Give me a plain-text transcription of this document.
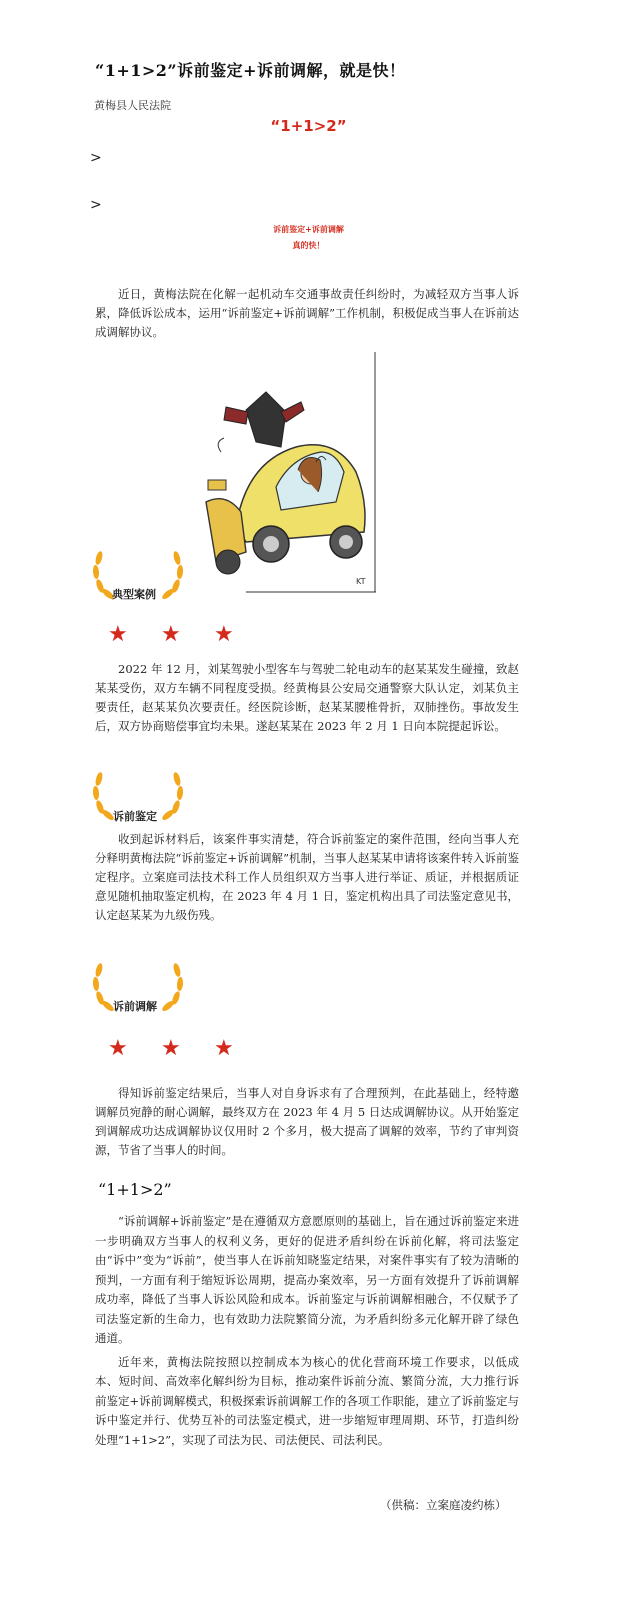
“1+1>2”诉前鉴定+诉前调解，就是快！
黄梅县人民法院
“1+1>2”
>
>
诉前鉴定+诉前调解
真的快！

近日，黄梅法院在化解一起机动车交通事故责任纠纷时，为减轻双方当事人诉累，降低诉讼成本，运用“诉前鉴定+诉前调解”工作机制，积极促成当事人在诉前达成调解协议。

KT
典型案例
★ ★ ★

2022 年 12 月，刘某驾驶小型客车与驾驶二轮电动车的赵某某发生碰撞，致赵某某受伤，双方车辆不同程度受损。经黄梅县公安局交通警察大队认定，刘某负主要责任，赵某某负次要责任。经医院诊断，赵某某腰椎骨折，双肺挫伤。事故发生后，双方协商赔偿事宜均未果。遂赵某某在 2023 年 2 月 1 日向本院提起诉讼。

诉前鉴定

收到起诉材料后，该案件事实清楚，符合诉前鉴定的案件范围，经向当事人充分释明黄梅法院“诉前鉴定+诉前调解”机制，当事人赵某某申请将该案件转入诉前鉴定程序。立案庭司法技术科工作人员组织双方当事人进行举证、质证，并根据质证意见随机抽取鉴定机构，在 2023 年 4 月 1 日，鉴定机构出具了司法鉴定意见书，认定赵某某为九级伤残。

诉前调解
★ ★ ★

得知诉前鉴定结果后，当事人对自身诉求有了合理预判，在此基础上，经特邀调解员宛静的耐心调解，最终双方在 2023 年 4 月 5 日达成调解协议。从开始鉴定到调解成功达成调解协议仅用时 2 个多月，极大提高了调解的效率，节约了审判资源，节省了当事人的时间。

“1+1>2”

“诉前调解+诉前鉴定”是在遵循双方意愿原则的基础上，旨在通过诉前鉴定来进一步明确双方当事人的权利义务，更好的促进矛盾纠纷在诉前化解，将司法鉴定由“诉中”变为“诉前”，使当事人在诉前知晓鉴定结果，对案件事实有了较为清晰的预判，一方面有利于缩短诉讼周期，提高办案效率，另一方面有效提升了诉前调解成功率，降低了当事人诉讼风险和成本。诉前鉴定与诉前调解相融合，不仅赋予了司法鉴定新的生命力，也有效助力法院繁简分流，为矛盾纠纷多元化解开辟了绿色通道。

近年来，黄梅法院按照以控制成本为核心的优化营商环境工作要求，以低成本、短时间、高效率化解纠纷为目标，推动案件诉前分流、繁简分流，大力推行诉前鉴定+诉前调解模式，积极探索诉前调解工作的各项工作职能，建立了诉前鉴定与诉中鉴定并行、优势互补的司法鉴定模式，进一步缩短审理周期、环节，打造纠纷处理“1+1>2”，实现了司法为民、司法便民、司法利民。

（供稿：立案庭凌约栋）
